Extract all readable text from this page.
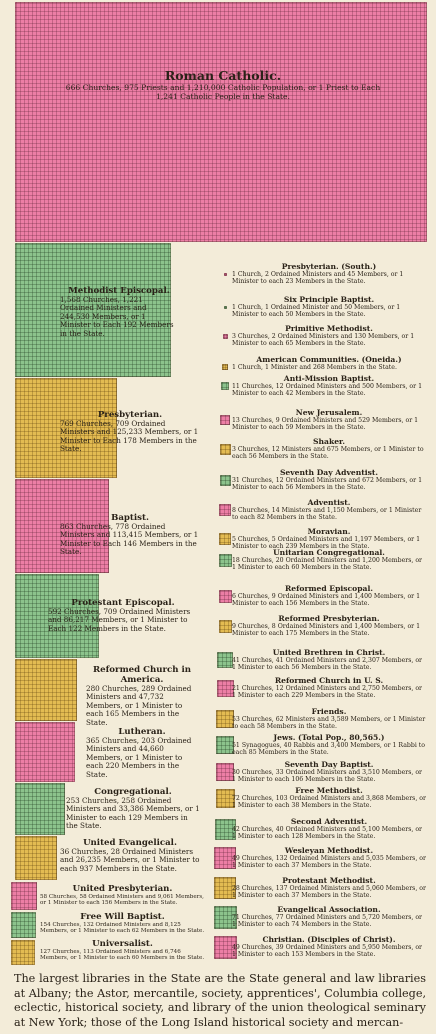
Roman Catholic.
666 Churches, 975 Priests and 1,210,000 Catholic Population, or 1 Priest to Each 1,241 Catholic People in the State.
Methodist Episcopal.
1,568 Churches, 1,221 Ordained Ministers and 244,530 Members, or 1 Minister to Each 192 Members in the State.
Presbyterian.
769 Churches, 709 Ordained Ministers and 125,233 Members, or 1 Minister to Each 178 Members in the State.
Baptist.
863 Churches, 778 Ordained Ministers and 113,415 Members, or 1 Minister to Each 146 Members in the State.
Protestant Episcopal.
592 Churches, 709 Ordained Ministers and 86,217 Members, or 1 Minister to Each 122 Members in the State.
Reformed Church in America.
280 Churches, 289 Ordained Ministers and 47,732 Members, or 1 Minister to each 165 Members in the State.
Lutheran.
365 Churches, 203 Ordained Ministers and 44,660 Members, or 1 Minister to each 220 Members in the State.
Congregational.
253 Churches, 258 Ordained Ministers and 33,386 Members, or 1 Minister to each 129 Members in the State.
United Evangelical.
36 Churches, 28 Ordained Ministers and 26,235 Members, or 1 Minister to each 937 Members in the State.
United Presbyterian.
58 Churches, 58 Ordained Ministers and 9,061 Members, or 1 Minister to each 156 Members in the State.
Free Will Baptist.
154 Churches, 132 Ordained Ministers and 8,125 Members, or 1 Minister to each 62 Members in the State.
Universalist.
127 Churches, 113 Ordained Ministers and 6,746 Members, or 1 Minister to each 60 Members in the State.
Presbyterian. (South.)
1 Church, 2 Ordained Ministers and 45 Members, or 1 Minister to each 23 Members in the State.
Six Principle Baptist.
1 Church, 1 Ordained Minister and 50 Members, or 1 Minister to each 50 Members in the State.
Primitive Methodist.
3 Churches, 2 Ordained Ministers and 130 Members, or 1 Minister to each 65 Members in the State.
American Communities. (Oneida.)
1 Church, 1 Minister and 268 Members in the State.
Anti-Mission Baptist.
11 Churches, 12 Ordained Ministers and 500 Members, or 1 Minister to each 42 Members in the State.
New Jerusalem.
13 Churches, 9 Ordained Ministers and 529 Members, or 1 Minister to each 59 Members in the State.
Shaker.
3 Churches, 12 Ministers and 675 Members, or 1 Minister to each 56 Members in the State.
Seventh Day Adventist.
31 Churches, 12 Ordained Ministers and 672 Members, or 1 Minister to each 56 Members in the State.
Adventist.
8 Churches, 14 Ministers and 1,150 Members, or 1 Minister to each 82 Members in the State.
Moravian.
5 Churches, 5 Ordained Ministers and 1,197 Members, or 1 Minister to each 239 Members in the State.
Unitarian Congregational.
18 Churches, 20 Ordained Ministers and 1,200 Members, or 1 Minister to each 60 Members in the State.
Reformed Episcopal.
6 Churches, 9 Ordained Ministers and 1,400 Members, or 1 Minister to each 156 Members in the State.
Reformed Presbyterian.
9 Churches, 8 Ordained Ministers and 1,400 Members, or 1 Minister to each 175 Members in the State.
United Brethren in Christ.
41 Churches, 41 Ordained Ministers and 2,307 Members, or 1 Minister to each 56 Members in the State.
Reformed Church in U. S.
21 Churches, 12 Ordained Ministers and 2,750 Members, or 1 Minister to each 229 Members in the State.
Friends.
53 Churches, 62 Ministers and 3,589 Members, or 1 Minister to each 58 Members in the State.
Jews. (Total Pop., 80,565.)
51 Synagogues, 40 Rabbis and 3,400 Members, or 1 Rabbi to each 85 Members in the State.
Seventh Day Baptist.
30 Churches, 33 Ordained Ministers and 3,510 Members, or 1 Minister to each 106 Members in the State.
Free Methodist.
72 Churches, 103 Ordained Ministers and 3,868 Members, or 1 Minister to each 38 Members in the State.
Second Adventist.
42 Churches, 40 Ordained Ministers and 5,100 Members, or 1 Minister to each 128 Members in the State.
Wesleyan Methodist.
49 Churches, 132 Ordained Ministers and 5,035 Members, or 1 Minister to each 37 Members in the State.
Protestant Methodist.
28 Churches, 137 Ordained Ministers and 5,060 Members, or 1 Minister to each 37 Members in the State.
Evangelical Association.
71 Churches, 77 Ordained Ministers and 5,720 Members, or 1 Minister to each 74 Members in the State.
Christian. (Disciples of Christ).
49 Churches, 39 Ordained Ministers and 5,950 Members, or 1 Minister to each 153 Members in the State.
The largest libraries in the State are the State general and law libraries at Albany; the Astor, mercantile, society, apprentices', Columbia college, eclectic, historical society, and library of the union theological seminary at New York; those of the Long Island historical society and mercan-
